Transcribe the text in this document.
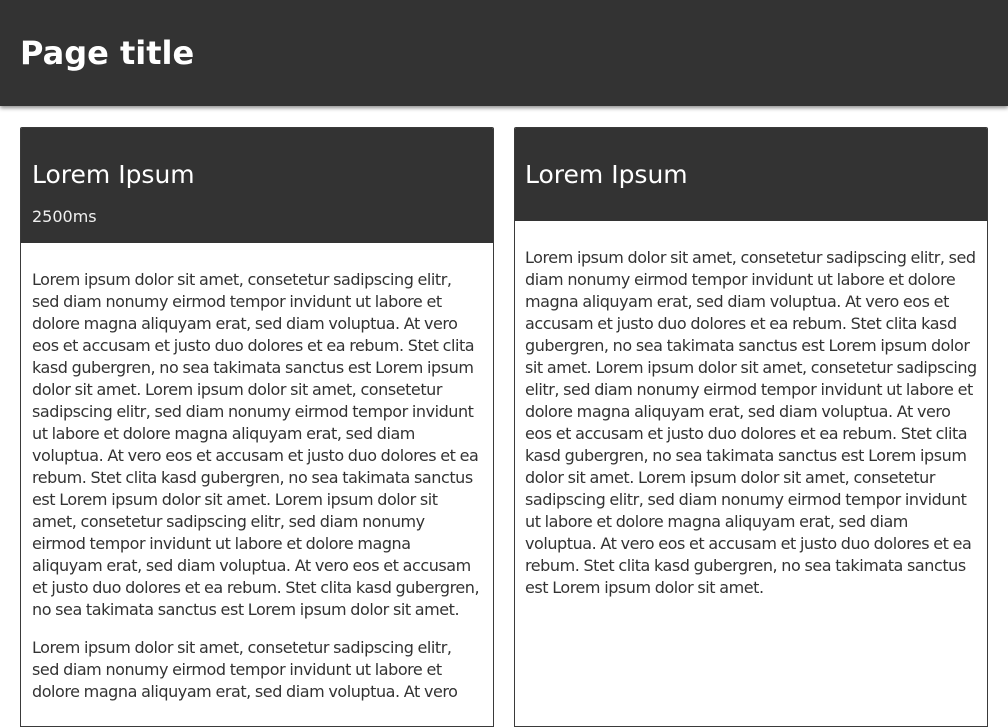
Page title
Lorem Ipsum
2500ms

Lorem ipsum dolor sit amet, consetetur sadipscing elitr, sed diam nonumy eirmod tempor invidunt ut labore et dolore magna aliquyam erat, sed diam voluptua. At vero eos et accusam et justo duo dolores et ea rebum. Stet clita kasd gubergren, no sea takimata sanctus est Lorem ipsum dolor sit amet. Lorem ipsum dolor sit amet, consetetur sadipscing elitr, sed diam nonumy eirmod tempor invidunt ut labore et dolore magna aliquyam erat, sed diam voluptua. At vero eos et accusam et justo duo dolores et ea rebum. Stet clita kasd gubergren, no sea takimata sanctus est Lorem ipsum dolor sit amet. Lorem ipsum dolor sit amet, consetetur sadipscing elitr, sed diam nonumy eirmod tempor invidunt ut labore et dolore magna aliquyam erat, sed diam voluptua. At vero eos et accusam et justo duo dolores et ea rebum. Stet clita kasd gubergren, no sea takimata sanctus est Lorem ipsum dolor sit amet.

Lorem ipsum dolor sit amet, consetetur sadipscing elitr, sed diam nonumy eirmod tempor invidunt ut labore et dolore magna aliquyam erat, sed diam voluptua. At vero

Lorem Ipsum

Lorem ipsum dolor sit amet, consetetur sadipscing elitr, sed diam nonumy eirmod tempor invidunt ut labore et dolore magna aliquyam erat, sed diam voluptua. At vero eos et accusam et justo duo dolores et ea rebum. Stet clita kasd gubergren, no sea takimata sanctus est Lorem ipsum dolor sit amet. Lorem ipsum dolor sit amet, consetetur sadipscing elitr, sed diam nonumy eirmod tempor invidunt ut labore et dolore magna aliquyam erat, sed diam voluptua. At vero eos et accusam et justo duo dolores et ea rebum. Stet clita kasd gubergren, no sea takimata sanctus est Lorem ipsum dolor sit amet. Lorem ipsum dolor sit amet, consetetur sadipscing elitr, sed diam nonumy eirmod tempor invidunt ut labore et dolore magna aliquyam erat, sed diam voluptua. At vero eos et accusam et justo duo dolores et ea rebum. Stet clita kasd gubergren, no sea takimata sanctus est Lorem ipsum dolor sit amet.
